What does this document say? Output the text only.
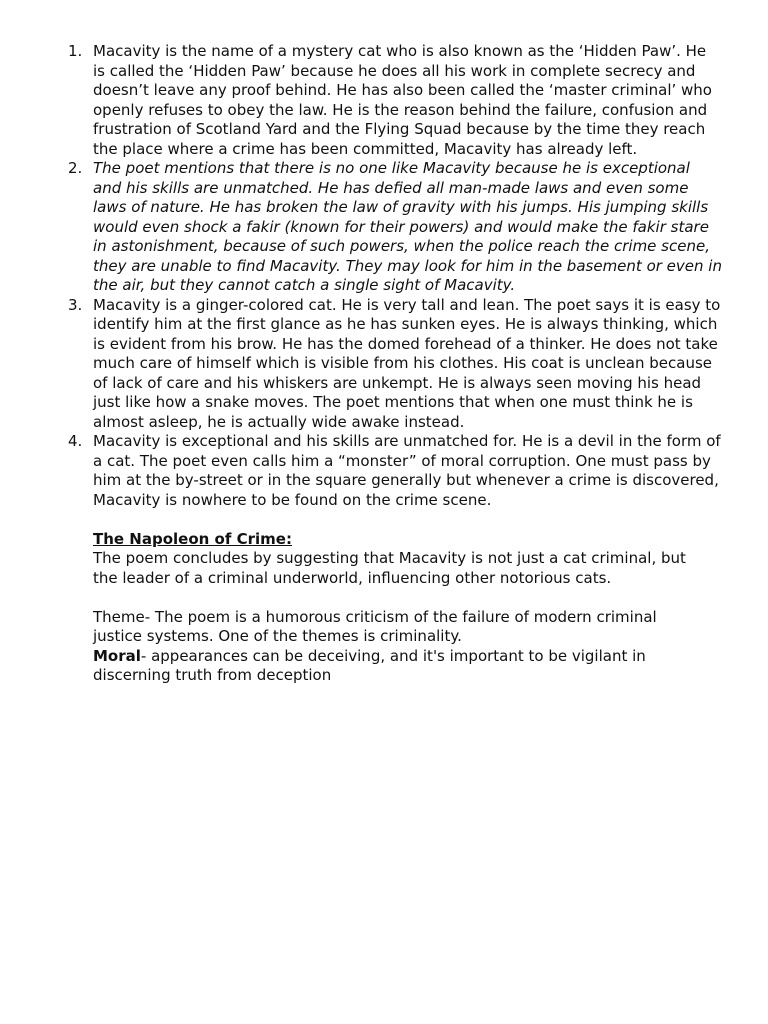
1. Macavity is the name of a mystery cat who is also known as the ‘Hidden Paw’. He is called the ‘Hidden Paw’ because he does all his work in complete secrecy and doesn’t leave any proof behind. He has also been called the ‘master criminal’ who openly refuses to obey the law. He is the reason behind the failure, confusion and frustration of Scotland Yard and the Flying Squad because by the time they reach the place where a crime has been committed, Macavity has already left.
2. The poet mentions that there is no one like Macavity because he is exceptional and his skills are unmatched. He has defied all man-made laws and even some laws of nature. He has broken the law of gravity with his jumps. His jumping skills would even shock a fakir (known for their powers) and would make the fakir stare in astonishment, because of such powers, when the police reach the crime scene, they are unable to find Macavity. They may look for him in the basement or even in the air, but they cannot catch a single sight of Macavity.
3. Macavity is a ginger-colored cat. He is very tall and lean. The poet says it is easy to identify him at the first glance as he has sunken eyes. He is always thinking, which is evident from his brow. He has the domed forehead of a thinker. He does not take much care of himself which is visible from his clothes. His coat is unclean because of lack of care and his whiskers are unkempt. He is always seen moving his head just like how a snake moves. The poet mentions that when one must think he is almost asleep, he is actually wide awake instead.
4. Macavity is exceptional and his skills are unmatched for. He is a devil in the form of a cat. The poet even calls him a “monster” of moral corruption. One must pass by him at the by-street or in the square generally but whenever a crime is discovered, Macavity is nowhere to be found on the crime scene.
The Napoleon of Crime:
The poem concludes by suggesting that Macavity is not just a cat criminal, but the leader of a criminal underworld, influencing other notorious cats.
Theme- The poem is a humorous criticism of the failure of modern criminal justice systems. One of the themes is criminality.
Moral- appearances can be deceiving, and it's important to be vigilant in discerning truth from deception
